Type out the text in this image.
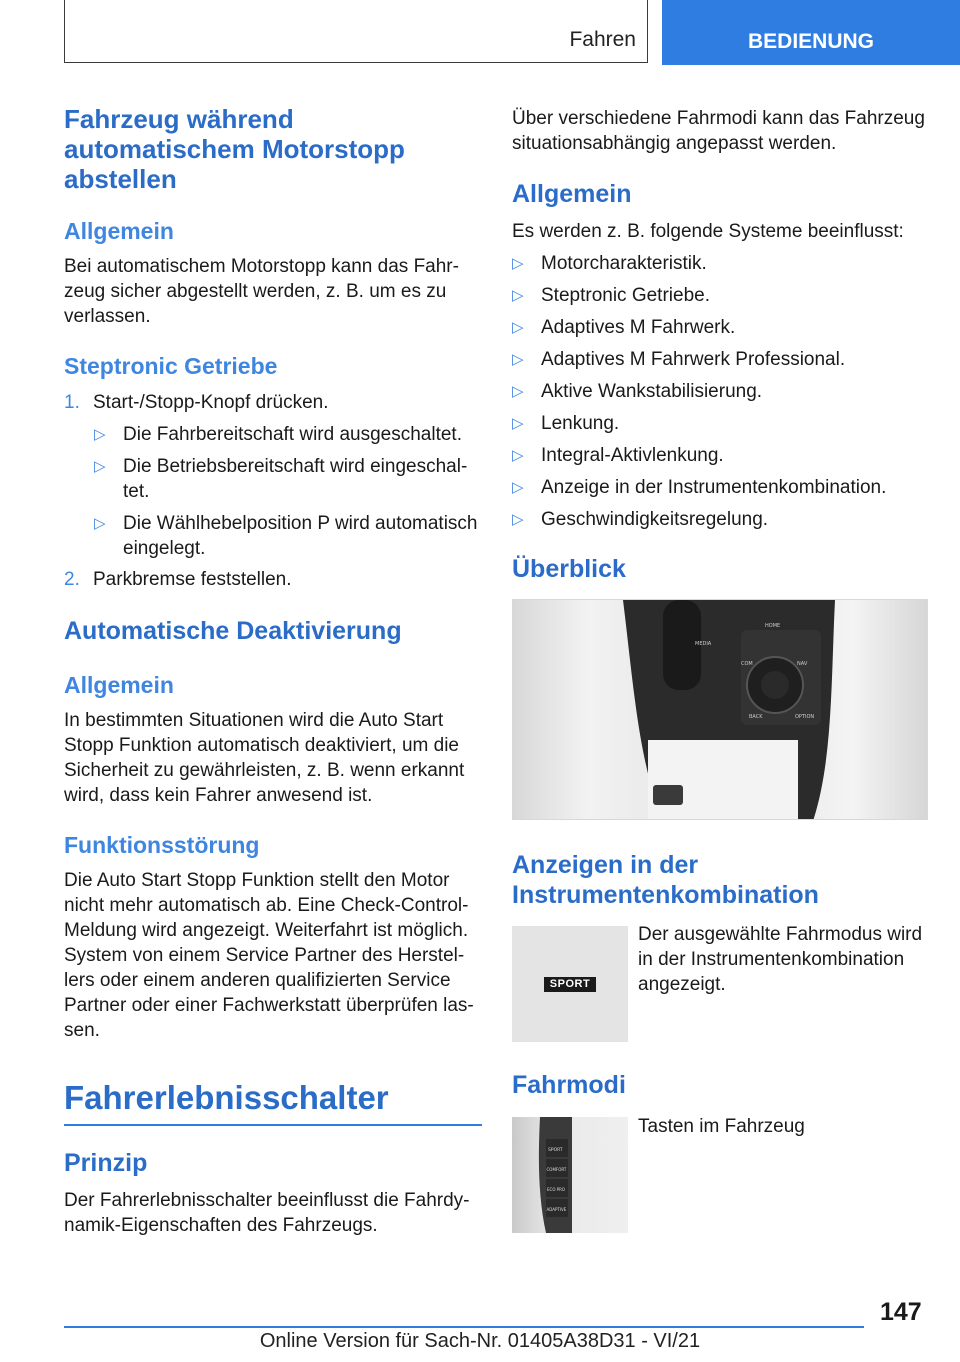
Fahren	BEDIENUNG
Fahrzeug während automatischem Motorstopp abstellen
Allgemein

Bei automatischem Motorstopp kann das Fahr-zeug sicher abgestellt werden, z. B. um es zu verlassen.

Steptronic Getriebe
1. Start-/Stopp-Knopf drücken.
▷ Die Fahrbereitschaft wird ausgeschaltet.
▷ Die Betriebsbereitschaft wird eingeschal-tet.
▷ Die Wählhebelposition P wird automatisch eingelegt.
2. Parkbremse feststellen.
Automatische Deaktivierung
Allgemein

In bestimmten Situationen wird die Auto Start Stopp Funktion automatisch deaktiviert, um die Sicherheit zu gewährleisten, z. B. wenn erkannt wird, dass kein Fahrer anwesend ist.

Funktionsstörung

Die Auto Start Stopp Funktion stellt den Motor nicht mehr automatisch ab. Eine Check-Control-Meldung wird angezeigt. Weiterfahrt ist möglich. System von einem Service Partner des Herstel-lers oder einem anderen qualifizierten Service Partner oder einer Fachwerkstatt überprüfen las-sen.

Fahrerlebnisschalter
Prinzip

Der Fahrerlebnisschalter beeinflusst die Fahrdy-namik-Eigenschaften des Fahrzeugs.

Über verschiedene Fahrmodi kann das Fahrzeug situationsabhängig angepasst werden.

Allgemein

Es werden z. B. folgende Systeme beeinflusst:

▷ Motorcharakteristik.
▷ Steptronic Getriebe.
▷ Adaptives M Fahrwerk.
▷ Adaptives M Fahrwerk Professional.
▷ Aktive Wankstabilisierung.
▷ Lenkung.
▷ Integral-Aktivlenkung.
▷ Anzeige in der Instrumentenkombination.
▷ Geschwindigkeitsregelung.
Überblick
MEDIA
HOME
COM	NAV
BACK	OPTION
Anzeigen in der Instrumentenkombination
SPORT

Der ausgewählte Fahrmodus wird in der Instrumentenkombination angezeigt.

Fahrmodi
SPORT
COMFORT
ECO PRO
ADAPTIVE

Tasten im Fahrzeug

147
Online Version für Sach-Nr. 01405A38D31 - VI/21
